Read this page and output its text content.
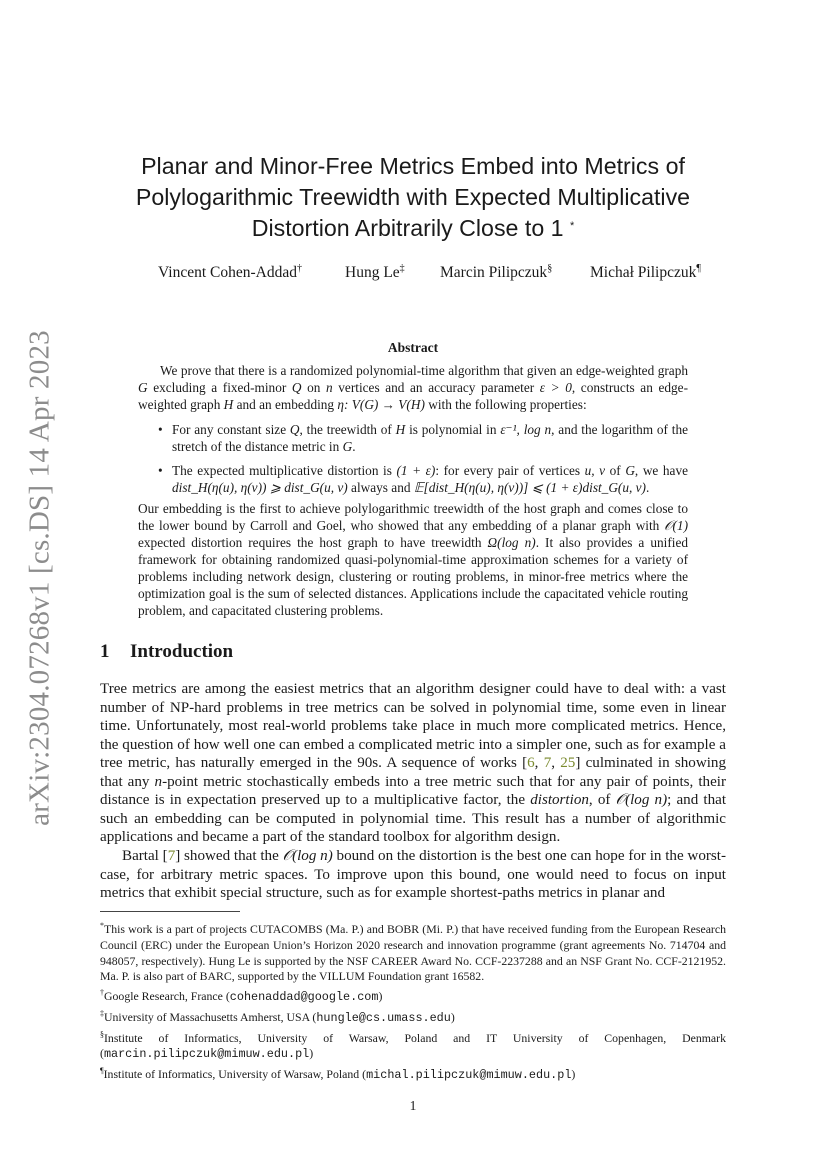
arXiv:2304.07268v1 [cs.DS] 14 Apr 2023
Planar and Minor-Free Metrics Embed into Metrics of
Polylogarithmic Treewidth with Expected Multiplicative
Distortion Arbitrarily Close to 1 *
Vincent Cohen-Addad†	Hung Le‡ Marcin Pilipczuk§ Michał Pilipczuk¶
Abstract
We prove that there is a randomized polynomial-time algorithm that given an edge-weighted graph G excluding a fixed-minor Q on n vertices and an accuracy parameter ε > 0, constructs an edge-weighted graph H and an embedding η: V(G) → V(H) with the following properties:
• For any constant size Q, the treewidth of H is polynomial in ε⁻¹, log n, and the logarithm of the stretch of the distance metric in G.
• The expected multiplicative distortion is (1 + ε): for every pair of vertices u, v of G, we have dist_H(η(u), η(v)) ⩾ dist_G(u, v) always and 𝔼[dist_H(η(u), η(v))] ⩽ (1 + ε)dist_G(u, v).
Our embedding is the first to achieve polylogarithmic treewidth of the host graph and comes close to the lower bound by Carroll and Goel, who showed that any embedding of a planar graph with 𝒪(1) expected distortion requires the host graph to have treewidth Ω(log n). It also provides a unified framework for obtaining randomized quasi-polynomial-time approximation schemes for a variety of problems including network design, clustering or routing problems, in minor-free metrics where the optimization goal is the sum of selected distances. Applications include the capacitated vehicle routing problem, and capacitated clustering problems.
1 Introduction
Tree metrics are among the easiest metrics that an algorithm designer could have to deal with: a vast number of NP-hard problems in tree metrics can be solved in polynomial time, some even in linear time. Unfortunately, most real-world problems take place in much more complicated metrics. Hence, the question of how well one can embed a complicated metric into a simpler one, such as for example a tree metric, has naturally emerged in the 90s. A sequence of works [6, 7, 25] culminated in showing that any n-point metric stochastically embeds into a tree metric such that for any pair of points, their distance is in expectation preserved up to a multiplicative factor, the distortion, of 𝒪(log n); and that such an embedding can be computed in polynomial time. This result has a number of algorithmic applications and became a part of the standard toolbox for algorithm design.
Bartal [7] showed that the 𝒪(log n) bound on the distortion is the best one can hope for in the worst-case, for arbitrary metric spaces. To improve upon this bound, one would need to focus on input metrics that exhibit special structure, such as for example shortest-paths metrics in planar and

*This work is a part of projects CUTACOMBS (Ma. P.) and BOBR (Mi. P.) that have received funding from the European Research Council (ERC) under the European Union’s Horizon 2020 research and innovation programme (grant agreements No. 714704 and 948057, respectively). Hung Le is supported by the NSF CAREER Award No. CCF-2237288 and an NSF Grant No. CCF-2121952. Ma. P. is also part of BARC, supported by the VILLUM Foundation grant 16582.

†Google Research, France (cohenaddad@google.com)

‡University of Massachusetts Amherst, USA (hungle@cs.umass.edu)

§Institute of Informatics, University of Warsaw, Poland and IT University of Copenhagen, Denmark (marcin.pilipczuk@mimuw.edu.pl)

¶Institute of Informatics, University of Warsaw, Poland (michal.pilipczuk@mimuw.edu.pl)

1
